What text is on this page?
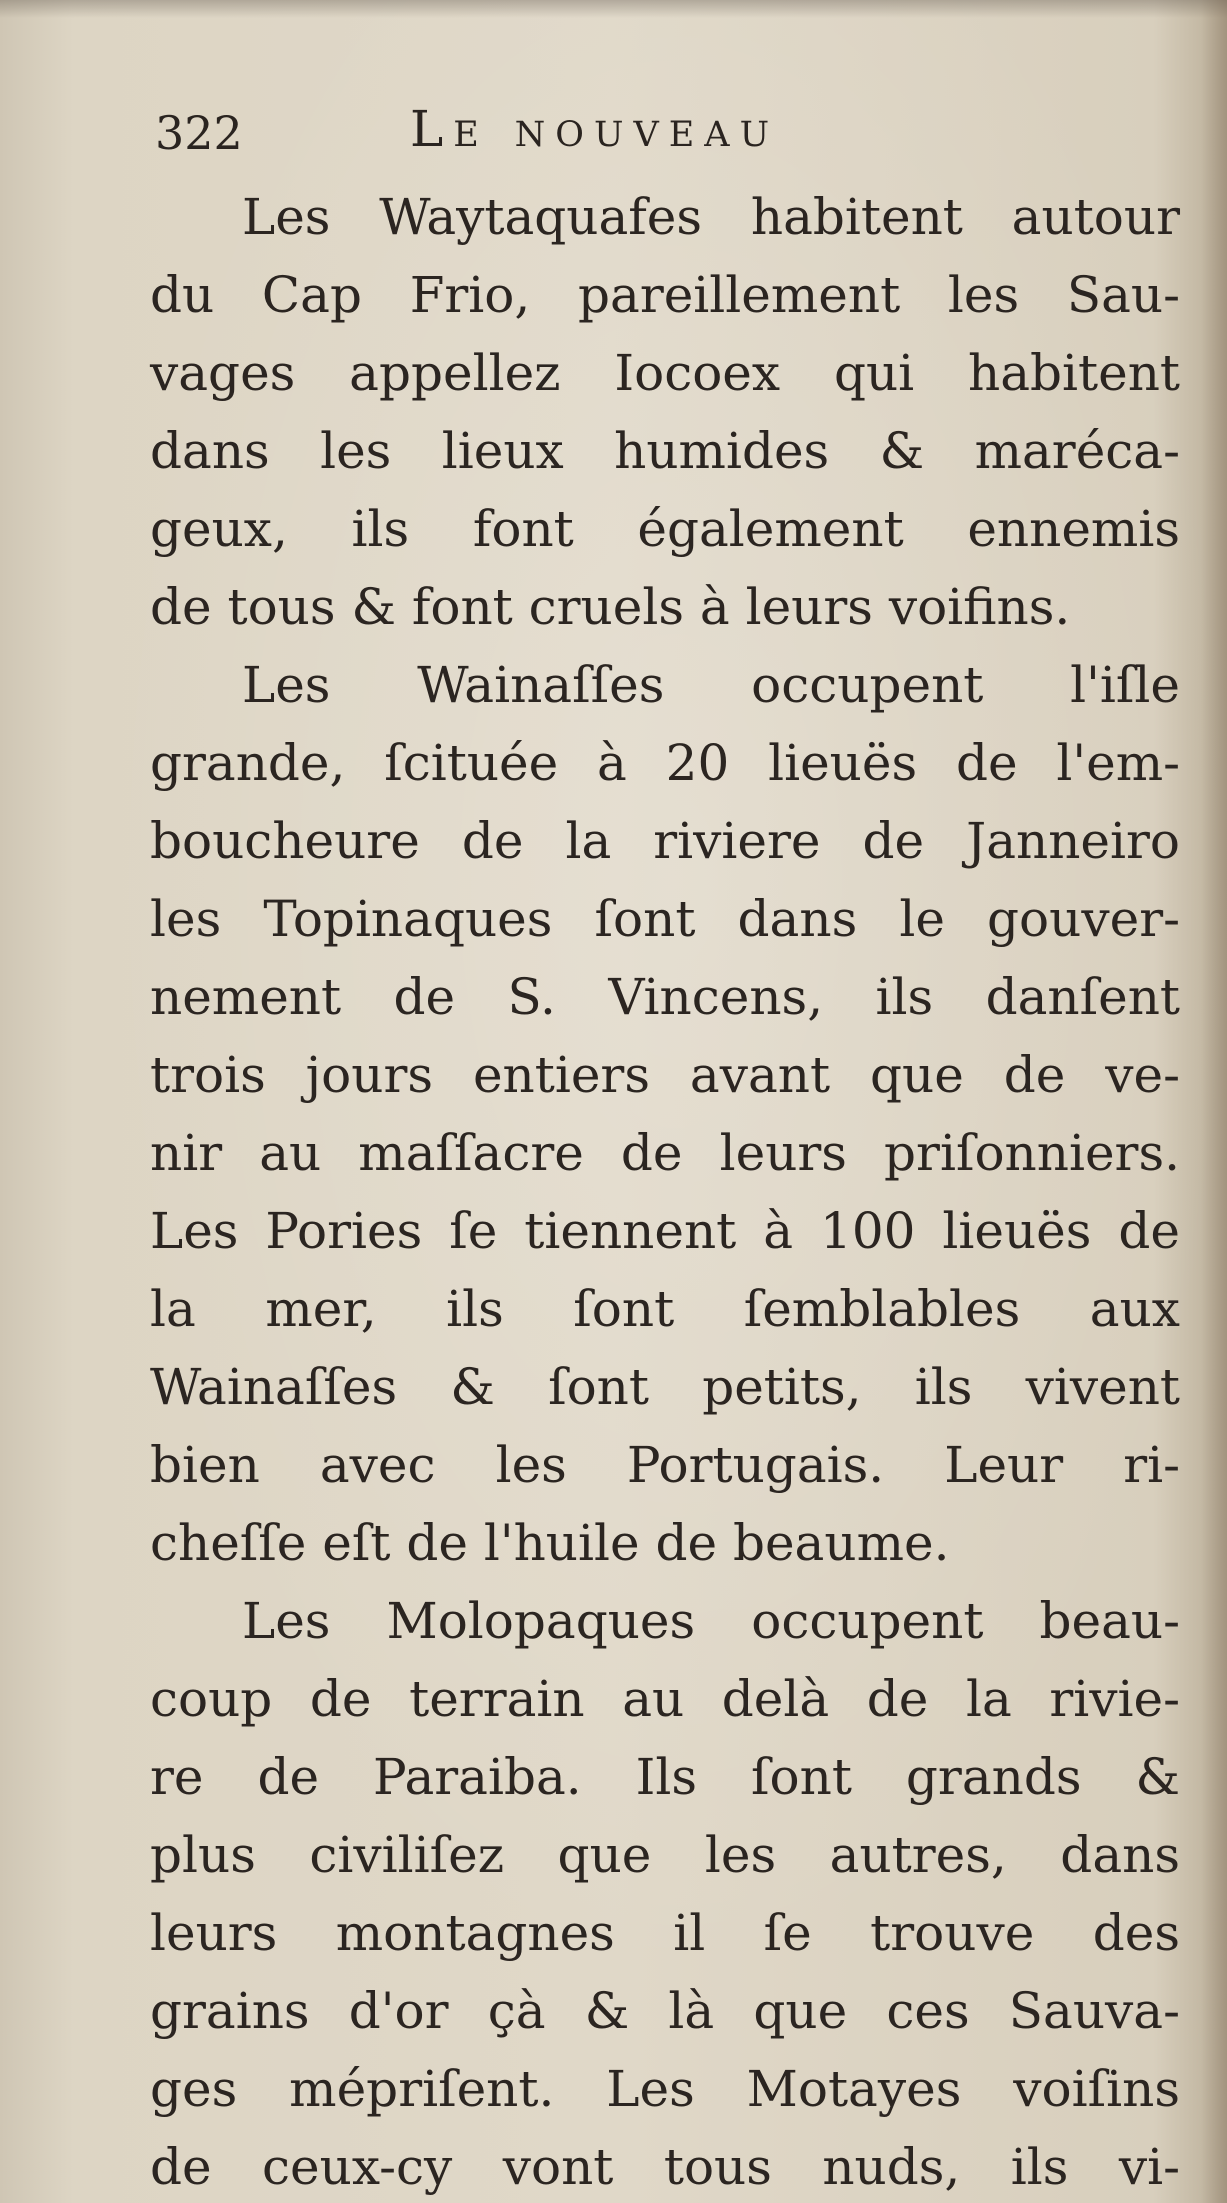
322	Le nouveau
Les Waytaquafes habitent autour
du Cap Frio, pareillement les Sau-
vages appellez Iocoex qui habitent
dans les lieux humides & maréca-
geux, ils font également ennemis
de tous & font cruels à leurs voifins.
Les Wainaſſes occupent l'iſle
grande, ſcituée à 20 lieuës de l'em-
boucheure de la riviere de Janneiro
les Topinaques ſont dans le gouver-
nement de S. Vincens, ils danſent
trois jours entiers avant que de ve-
nir au maſſacre de leurs priſonniers.
Les Pories ſe tiennent à 100 lieuës de
la mer, ils ſont ſemblables aux
Wainaſſes & ſont petits, ils vivent
bien avec les Portugais. Leur ri-
cheſſe eſt de l'huile de beaume.
Les Molopaques occupent beau-
coup de terrain au delà de la rivie-
re de Paraiba. Ils ſont grands &
plus civiliſez que les autres, dans
leurs montagnes il ſe trouve des
grains d'or çà & là que ces Sauva-
ges mépriſent. Les Motayes voiſins
de ceux-cy vont tous nuds, ils vi-
